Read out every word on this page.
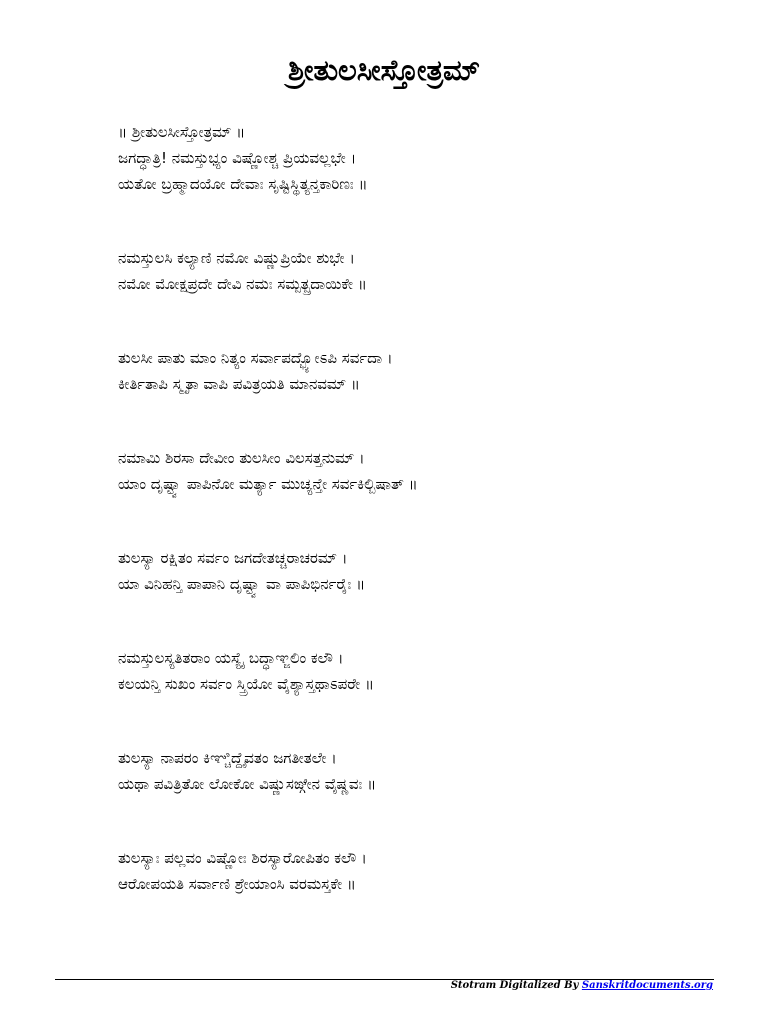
ಶ್ರೀತುಲಸೀಸ್ತೋತ್ರಮ್
॥ ಶ್ರೀತುಲಸೀಸ್ತೋತ್ರಮ್ ॥
ಜಗದ್ಧಾತ್ರಿ! ನಮಸ್ತುಭ್ಯಂ ವಿಷ್ಣೋಶ್ಚ ಪ್ರಿಯವಲ್ಲಭೇ ।
ಯತೋ ಬ್ರಹ್ಮಾದಯೋ ದೇವಾಃ ಸೃಷ್ಟಿಸ್ಥಿತ್ಯನ್ತಕಾರಿಣಃ ॥
ನಮಸ್ತುಲಸಿ ಕಲ್ಯಾಣಿ ನಮೋ ವಿಷ್ಣುಪ್ರಿಯೇ ಶುಭೇ ।
ನಮೋ ಮೋಕ್ಷಪ್ರದೇ ದೇವಿ ನಮಃ ಸಮ್ಪತ್ಪ್ರದಾಯಿಕೇ ॥
ತುಲಸೀ ಪಾತು ಮಾಂ ನಿತ್ಯಂ ಸರ್ವಾಪದ್ಭ್ಯೋಽಪಿ ಸರ್ವದಾ ।
ಕೀರ್ತಿತಾಪಿ ಸ್ಮೃತಾ ವಾಪಿ ಪವಿತ್ರಯತಿ ಮಾನವಮ್ ॥
ನಮಾಮಿ ಶಿರಸಾ ದೇವೀಂ ತುಲಸೀಂ ವಿಲಸತ್ತನುಮ್ ।
ಯಾಂ ದೃಷ್ಟ್ವಾ ಪಾಪಿನೋ ಮರ್ತ್ಯಾ ಮುಚ್ಯನ್ತೇ ಸರ್ವಕಿಲ್ಬಿಷಾತ್ ॥
ತುಲಸ್ಯಾ ರಕ್ಷಿತಂ ಸರ್ವಂ ಜಗದೇತಚ್ಚರಾಚರಮ್ ।
ಯಾ ವಿನಿಹನ್ತಿ ಪಾಪಾನಿ ದೃಷ್ಟ್ವಾ ವಾ ಪಾಪಿಭಿರ್ನರೈಃ ॥
ನಮಸ್ತುಲಸ್ಯತಿತರಾಂ ಯಸ್ಯೈ ಬದ್ಧಾಞ್ಜಲಿಂ ಕಲೌ ।
ಕಲಯನ್ತಿ ಸುಖಂ ಸರ್ವಂ ಸ್ತ್ರಿಯೋ ವೈಶ್ಯಾಸ್ತಥಾಽಪರೇ ॥
ತುಲಸ್ಯಾ ನಾಪರಂ ಕಿಞ್ಚಿದ್ದೈವತಂ ಜಗತೀತಲೇ ।
ಯಥಾ ಪವಿತ್ರಿತೋ ಲೋಕೋ ವಿಷ್ಣುಸಙ್ಗೇನ ವೈಷ್ಣವಃ ॥
ತುಲಸ್ಯಾಃ ಪಲ್ಲವಂ ವಿಷ್ಣೋಃ ಶಿರಸ್ಯಾರೋಪಿತಂ ಕಲೌ ।
ಆರೋಪಯತಿ ಸರ್ವಾಣಿ ಶ್ರೇಯಾಂಸಿ ವರಮಸ್ತಕೇ ॥
Stotram Digitalized By Sanskritdocuments.org
